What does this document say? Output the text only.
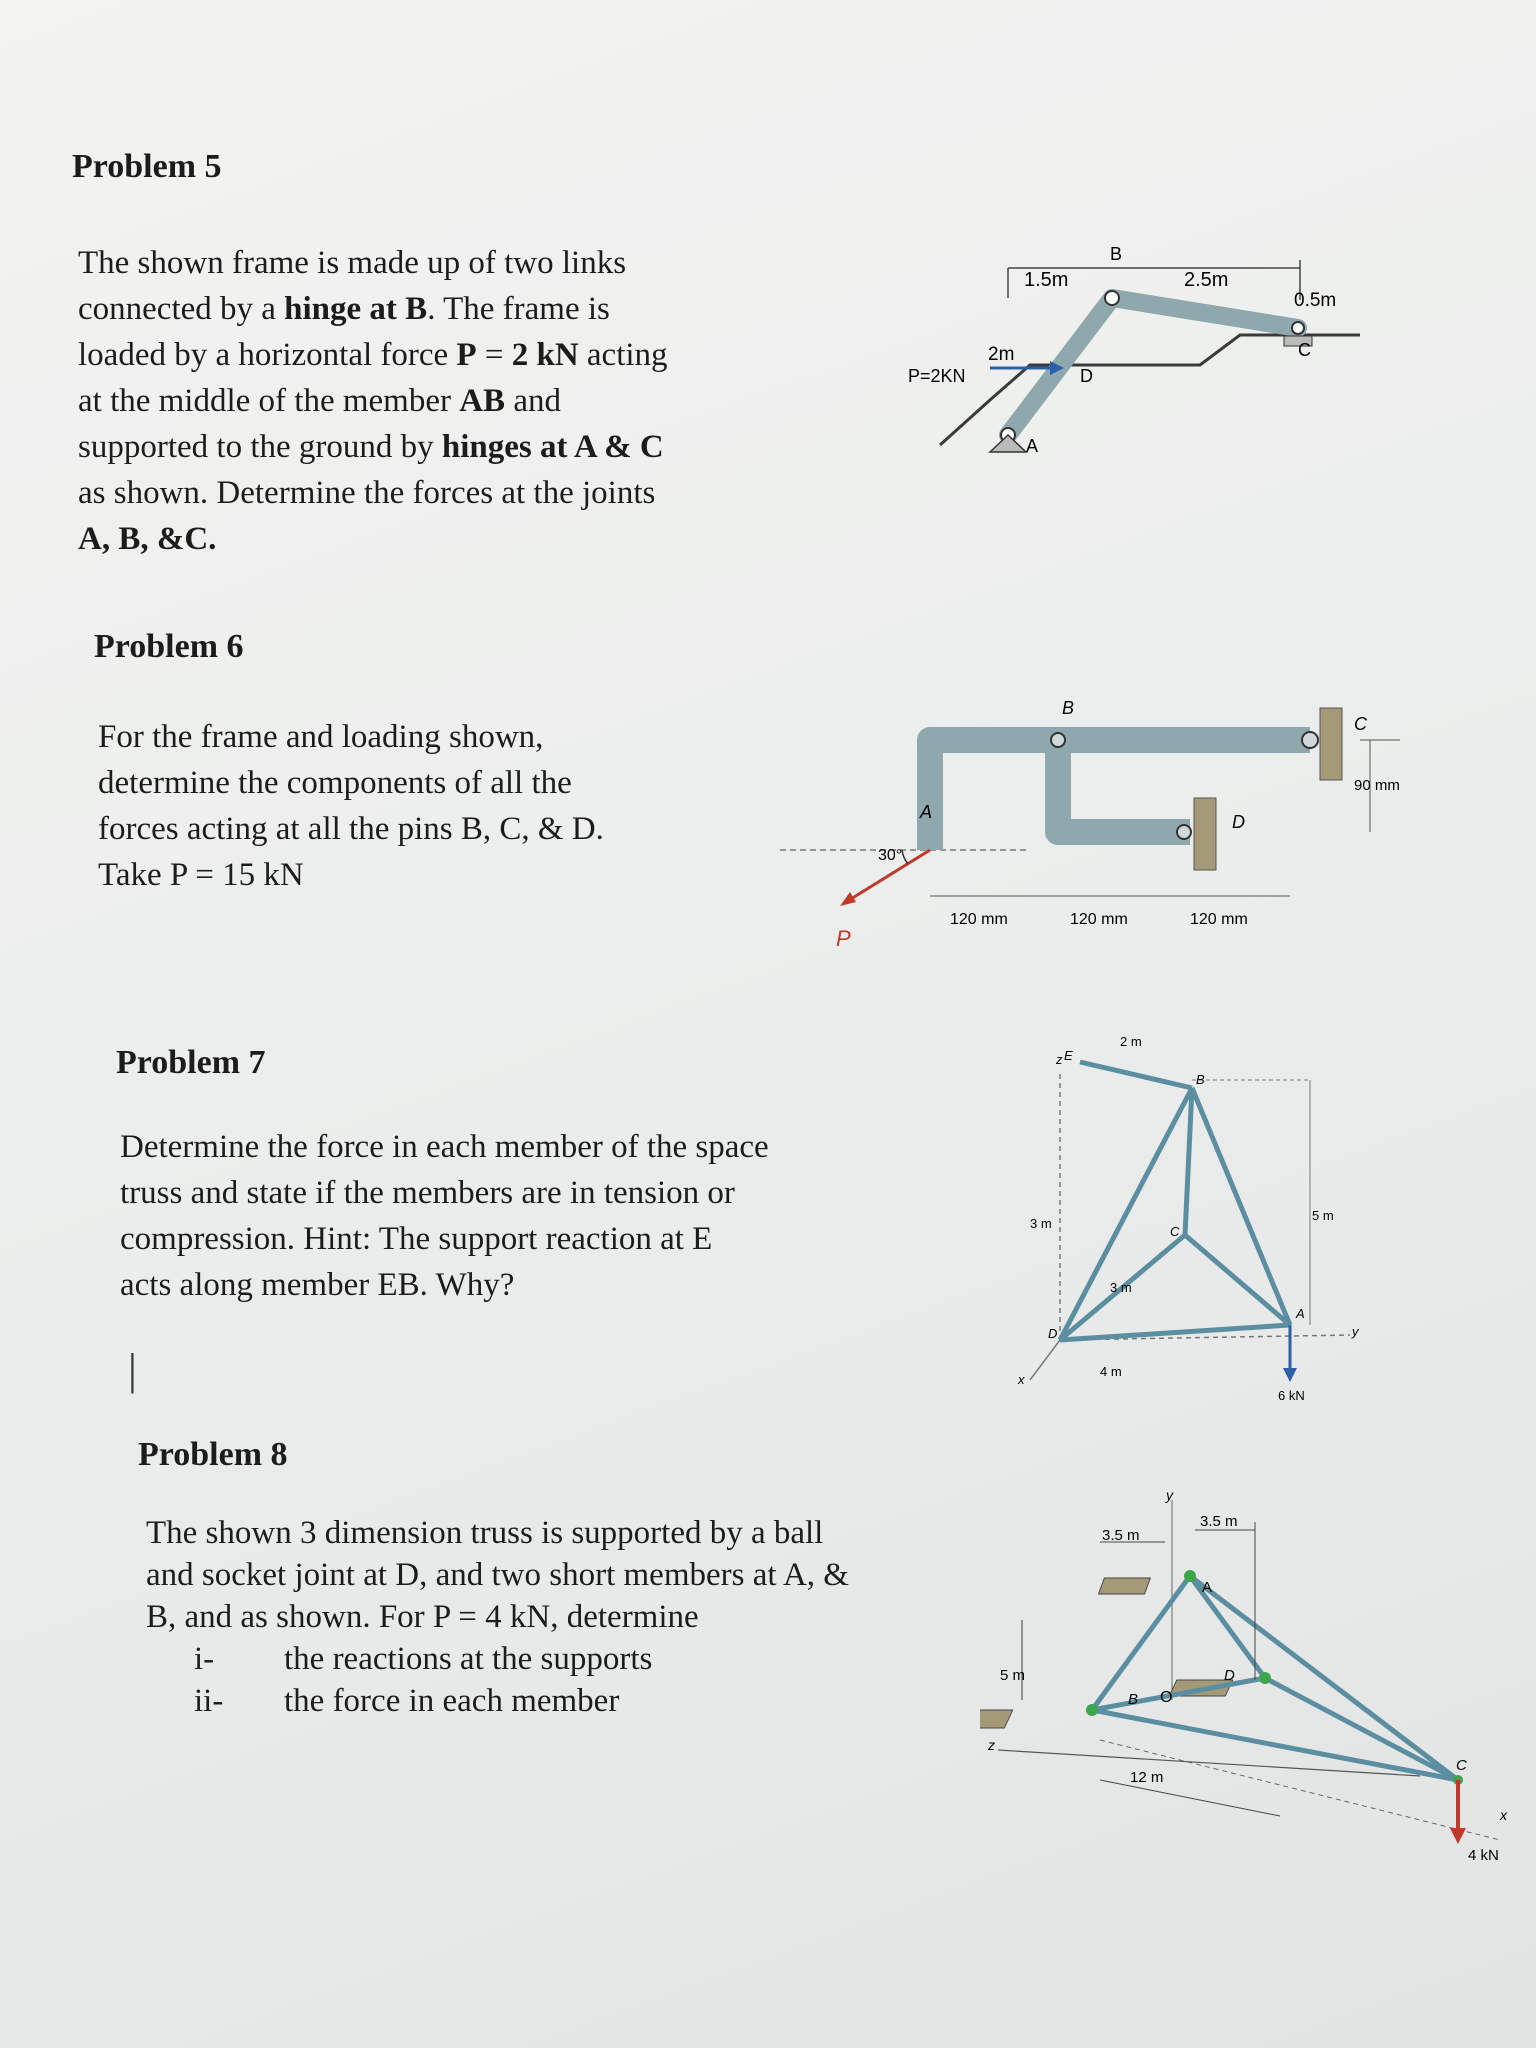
Problem 5
The shown frame is made up of two links
connected by a hinge at B. The frame is
loaded by a horizontal force P = 2 kN acting
at the middle of the member AB and
supported to the ground by hinges at A & C
as shown. Determine the forces at the joints
A, B, &C.
B
D
A
C
1.5m	2.5m
0.5m
2m
P=2KN
Problem 6
For the frame and loading shown,
determine the components of all the
forces acting at all the pins B, C, & D.
Take P = 15 kN
A
B
C
D
P
30°
120 mm	120 mm	120 mm
90 mm
Problem 7
Determine the force in each member of the space
truss and state if the members are in tension or
compression. Hint: The support reaction at E
acts along member EB. Why?
|
E
B
C
A
D
x
y
z
2 m
3 m
3 m
4 m
5 m
6 kN
Problem 8
The shown 3 dimension truss is supported by a ball
and socket joint at D, and two short members at A, &
B, and as shown. For P = 4 kN, determine
i-	the reactions at the supports
ii-	the force in each member
y
A
B O
D
C
x
z
3.5 m
3.5 m
5 m
12 m
4 kN
